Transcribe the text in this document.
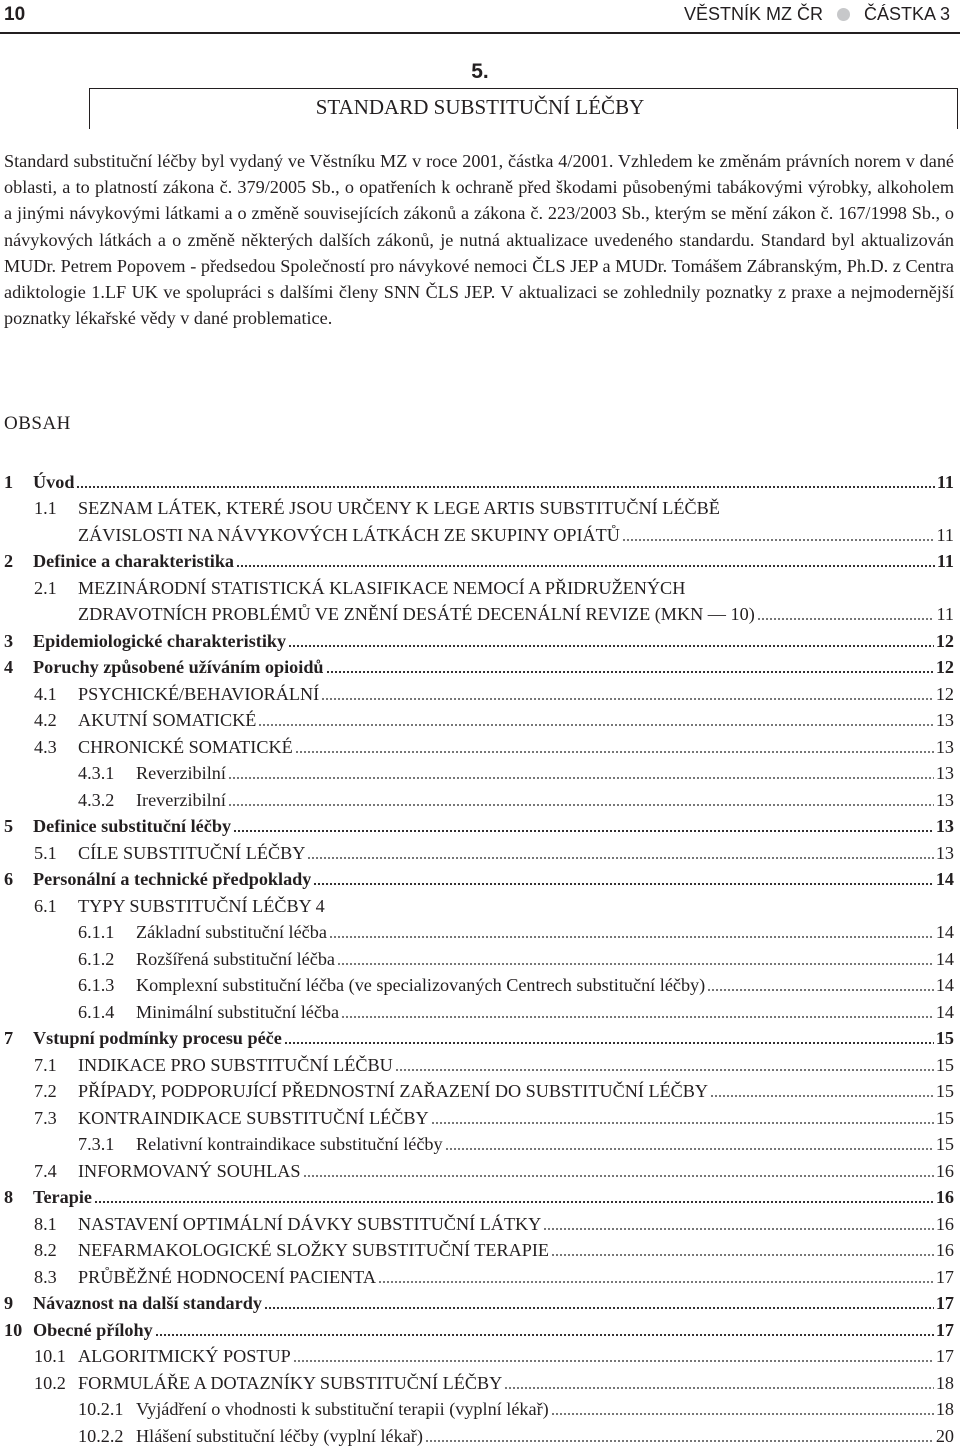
10	VĚSTNÍK MZ ČR ČÁSTKA 3
5.
STANDARD SUBSTITUČNÍ LÉČBY

Standard substituční léčby byl vydaný ve Věstníku MZ v roce 2001, částka 4/2001. Vzhledem ke změnám právních norem v dané oblasti, a to platností zákona č. 379/2005 Sb., o opatřeních k ochraně před škodami působenými tabákovými výrobky, alkoholem a jinými návykovými látkami a o změně souvisejících zákonů a zákona č. 223/2003 Sb., kterým se mění zákon č. 167/1998 Sb., o návykových látkách a o změně některých dalších zákonů, je nutná aktualizace uvedeného standardu. Standard byl aktualizován MUDr. Petrem Popovem - předsedou Společností pro návykové nemoci ČLS JEP a MUDr. Tomášem Zábranským, Ph.D. z Centra adiktologie 1.LF UK ve spolupráci s dalšími členy SNN ČLS JEP. V aktualizaci se zohlednily poznatky z praxe a nejmodernější poznatky lékařské vědy v dané problematice.

OBSAH
1	Úvod	11
1.1	SEZNAM LÁTEK, KTERÉ JSOU URČENY K LEGE ARTIS SUBSTITUČNÍ LÉČBĚ
ZÁVISLOSTI NA NÁVYKOVÝCH LÁTKÁCH ZE SKUPINY OPIÁTŮ	11
2	Definice a charakteristika	11
2.1	MEZINÁRODNÍ STATISTICKÁ KLASIFIKACE NEMOCÍ A PŘIDRUŽENÝCH
ZDRAVOTNÍCH PROBLÉMŮ VE ZNĚNÍ DESÁTÉ DECENÁLNÍ REVIZE (MKN — 10)	11
3	Epidemiologické charakteristiky	12
4	Poruchy způsobené užíváním opioidů	12
4.1	PSYCHICKÉ/BEHAVIORÁLNÍ	12
4.2	AKUTNÍ SOMATICKÉ	13
4.3	CHRONICKÉ SOMATICKÉ	13
4.3.1	Reverzibilní	13
4.3.2	Ireverzibilní	13
5	Definice substituční léčby	13
5.1	CÍLE SUBSTITUČNÍ LÉČBY	13
6	Personální a technické předpoklady	14
6.1	TYPY SUBSTITUČNÍ LÉČBY 4
6.1.1	Základní substituční léčba	14
6.1.2	Rozšířená substituční léčba	14
6.1.3	Komplexní substituční léčba (ve specializovaných Centrech substituční léčby)	14
6.1.4	Minimální substituční léčba	14
7	Vstupní podmínky procesu péče	15
7.1	INDIKACE PRO SUBSTITUČNÍ LÉČBU	15
7.2	PŘÍPADY, PODPORUJÍCÍ PŘEDNOSTNÍ ZAŘAZENÍ DO SUBSTITUČNÍ LÉČBY	15
7.3	KONTRAINDIKACE SUBSTITUČNÍ LÉČBY	15
7.3.1	Relativní kontraindikace substituční léčby	15
7.4	INFORMOVANÝ SOUHLAS	16
8	Terapie	16
8.1	NASTAVENÍ OPTIMÁLNÍ DÁVKY SUBSTITUČNÍ LÁTKY	16
8.2	NEFARMAKOLOGICKÉ SLOŽKY SUBSTITUČNÍ TERAPIE	16
8.3	PRŮBĚŽNÉ HODNOCENÍ PACIENTA	17
9	Návaznost na další standardy	17
10 Obecné přílohy	17
10.1 ALGORITMICKÝ POSTUP	17
10.2 FORMULÁŘE A DOTAZNÍKY SUBSTITUČNÍ LÉČBY	18
10.2.1 Vyjádření o vhodnosti k substituční terapii (vyplní lékař)	18
10.2.2 Hlášení substituční léčby (vyplní lékař)	20
